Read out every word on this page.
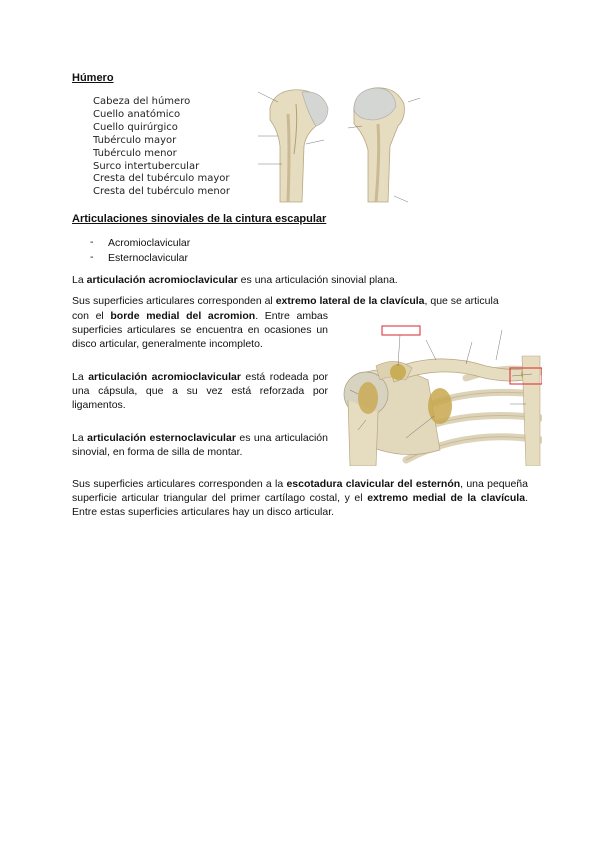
Húmero
Cabeza del húmero
Cuello anatómico
Cuello quirúrgico
Tubérculo mayor
Tubérculo menor
Surco intertubercular
Cresta del tubérculo mayor
Cresta del tubérculo menor
Articulaciones sinoviales de la cintura escapular
- Acromioclavicular
- Esternoclavicular
La articulación acromioclavicular es una articulación sinovial plana.
Sus superficies articulares corresponden al extremo lateral de la clavícula, que se articula
con el borde medial del acromion. Entre ambas superficies articulares se encuentra en ocasiones un disco articular, generalmente incompleto.
La articulación acromioclavicular está rodeada por una cápsula, que a su vez está reforzada por ligamentos.
La articulación esternoclavicular es una articulación sinovial, en forma de silla de montar.
Sus superficies articulares corresponden a la escotadura clavicular del esternón, una pequeña superficie articular triangular del primer cartílago costal, y el extremo medial de la clavícula. Entre estas superficies articulares hay un disco articular.
